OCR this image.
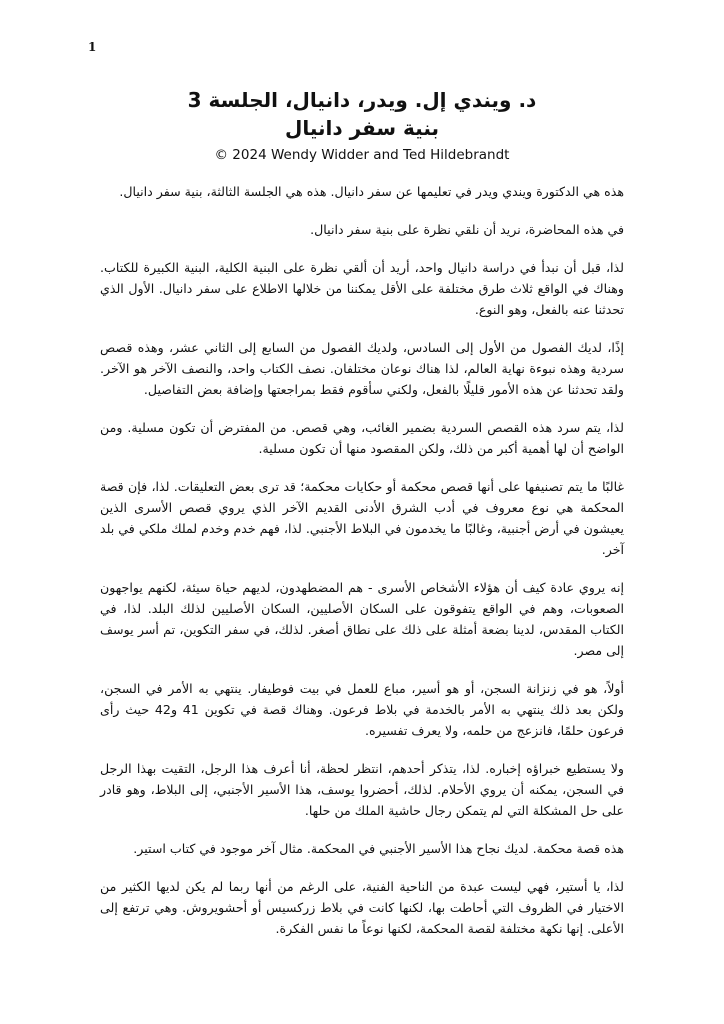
1
د. ويندي إل. ويدر، دانيال، الجلسة 3
بنية سفر دانيال
© 2024 Wendy Widder and Ted Hildebrandt

هذه هي الدكتورة ويندي ويدر في تعليمها عن سفر دانيال. هذه هي الجلسة الثالثة، بنية سفر دانيال.

في هذه المحاضرة، نريد أن نلقي نظرة على بنية سفر دانيال.

لذا، قبل أن نبدأ في دراسة دانيال واحد، أريد أن ألقي نظرة على البنية الكلية، البنية الكبيرة للكتاب. وهناك في الواقع ثلاث طرق مختلفة على الأقل يمكننا من خلالها الاطلاع على سفر دانيال. الأول الذي تحدثنا عنه بالفعل، وهو النوع.

إذًا، لديك الفصول من الأول إلى السادس، ولديك الفصول من السابع إلى الثاني عشر، وهذه قصص سردية وهذه نبوءة نهاية العالم، لذا هناك نوعان مختلفان. نصف الكتاب واحد، والنصف الآخر هو الآخر. ولقد تحدثنا عن هذه الأمور قليلًا بالفعل، ولكني سأقوم فقط بمراجعتها وإضافة بعض التفاصيل.

لذا، يتم سرد هذه القصص السردية بضمير الغائب، وهي قصص. من المفترض أن تكون مسلية. ومن الواضح أن لها أهمية أكبر من ذلك، ولكن المقصود منها أن تكون مسلية.

غالبًا ما يتم تصنيفها على أنها قصص محكمة أو حكايات محكمة؛ قد ترى بعض التعليقات. لذا، فإن قصة المحكمة هي نوع معروف في أدب الشرق الأدنى القديم الآخر الذي يروي قصص الأسرى الذين يعيشون في أرض أجنبية، وغالبًا ما يخدمون في البلاط الأجنبي. لذا، فهم خدم وخدم لملك ملكي في بلد آخر.

إنه يروي عادة كيف أن هؤلاء الأشخاص الأسرى - هم المضطهدون، لديهم حياة سيئة، لكنهم يواجهون الصعوبات، وهم في الواقع يتفوقون على السكان الأصليين، السكان الأصليين لذلك البلد. لذا، في الكتاب المقدس، لدينا بضعة أمثلة على ذلك على نطاق أصغر. لذلك، في سفر التكوين، تم أسر يوسف إلى مصر.

أولاً، هو في زنزانة السجن، أو هو أسير، مباع للعمل في بيت فوطيفار. ينتهي به الأمر في السجن، ولكن بعد ذلك ينتهي به الأمر بالخدمة في بلاط فرعون. وهناك قصة في تكوين 41 و42 حيث رأى فرعون حلمًا، فانزعج من حلمه، ولا يعرف تفسيره.

ولا يستطيع خبراؤه إخباره. لذا، يتذكر أحدهم، انتظر لحظة، أنا أعرف هذا الرجل، التقيت بهذا الرجل في السجن، يمكنه أن يروي الأحلام. لذلك، أحضروا يوسف، هذا الأسير الأجنبي، إلى البلاط، وهو قادر على حل المشكلة التي لم يتمكن رجال حاشية الملك من حلها.

هذه قصة محكمة. لديك نجاح هذا الأسير الأجنبي في المحكمة. مثال آخر موجود في كتاب استير.

لذا، يا أستير، فهي ليست عبدة من الناحية الفنية، على الرغم من أنها ربما لم يكن لديها الكثير من الاختيار في الظروف التي أحاطت بها، لكنها كانت في بلاط زركسيس أو أحشويروش. وهي ترتفع إلى الأعلى. إنها نكهة مختلفة لقصة المحكمة، لكنها نوعاً ما نفس الفكرة.
